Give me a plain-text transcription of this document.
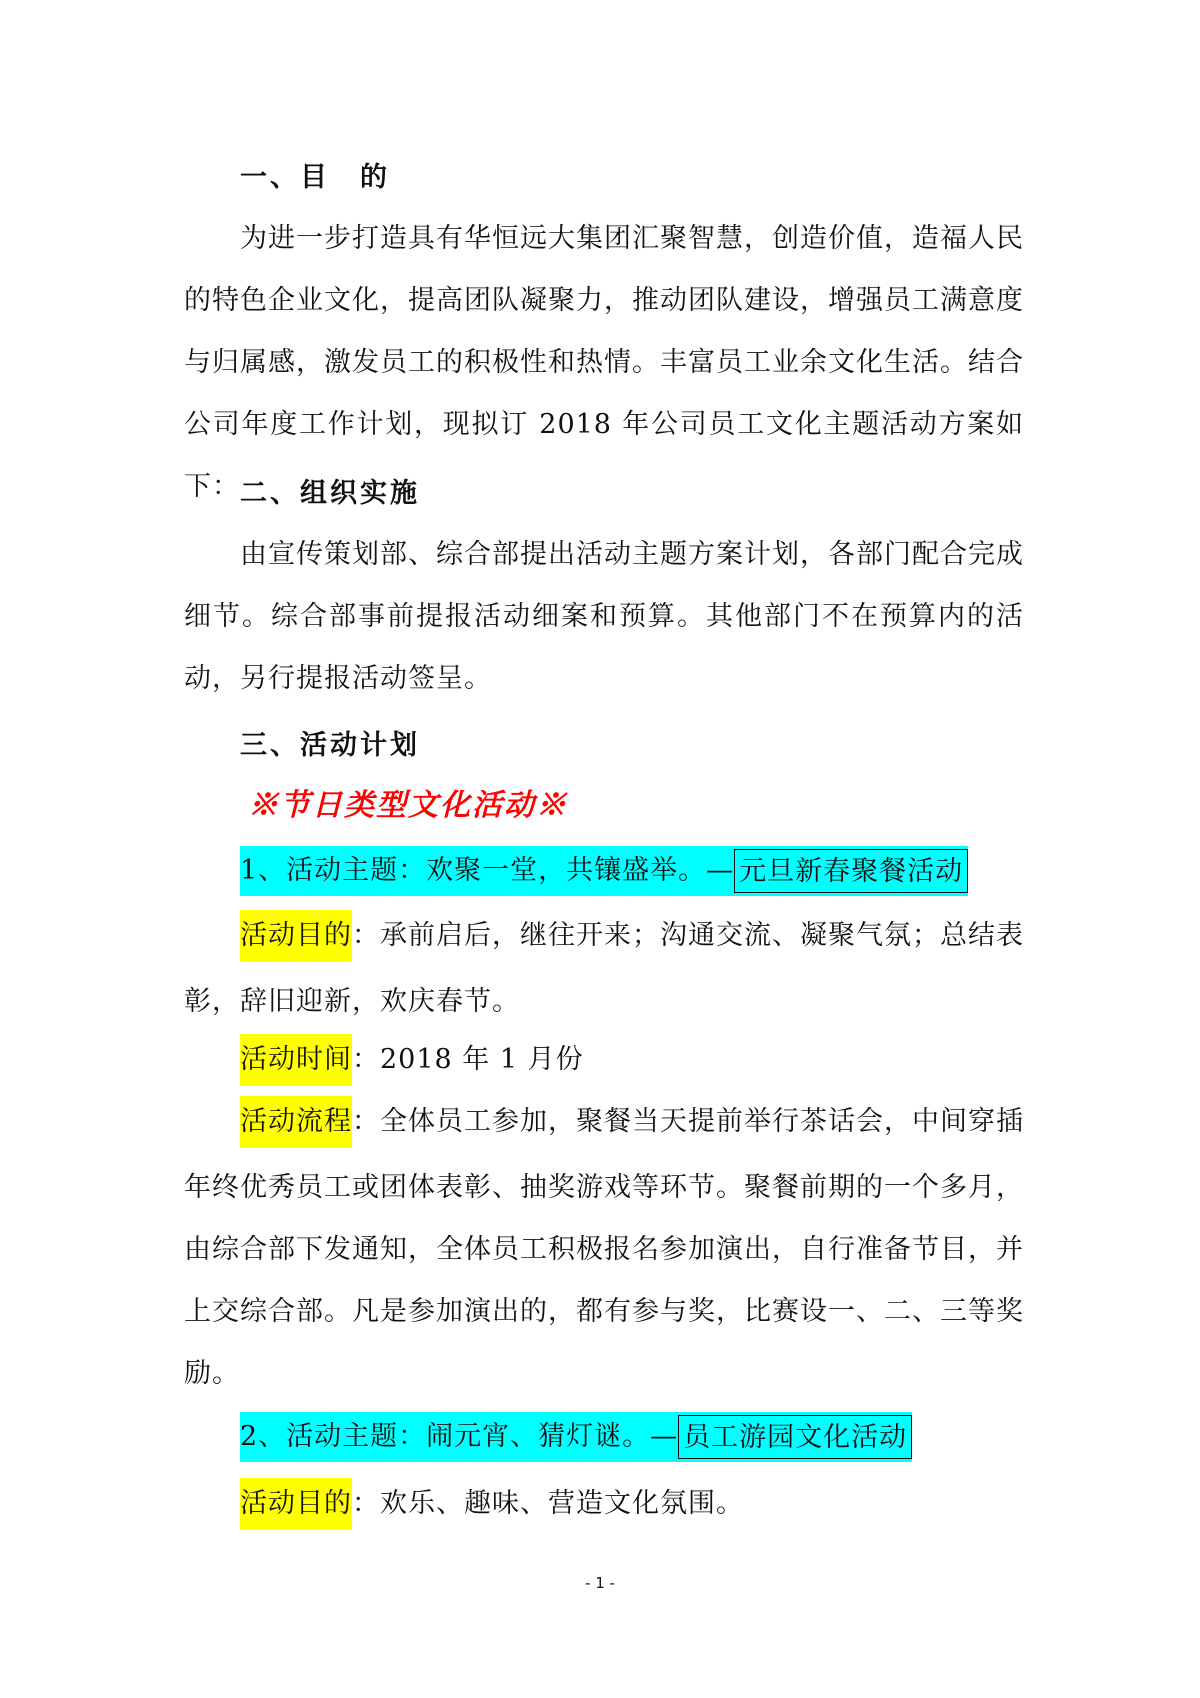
一、目　的
为进一步打造具有华恒远大集团汇聚智慧，创造价值，造福人民的特色企业文化，提高团队凝聚力，推动团队建设，增强员工满意度与归属感，激发员工的积极性和热情。丰富员工业余文化生活。结合公司年度工作计划，现拟订 2018 年公司员工文化主题活动方案如下： 二、组织实施
由宣传策划部、综合部提出活动主题方案计划，各部门配合完成细节。综合部事前提报活动细案和预算。其他部门不在预算内的活动，另行提报活动签呈。
三、活动计划
※节日类型文化活动※
1、活动主题：欢聚一堂，共镶盛举。— 元旦新春聚餐活动
活动目的：承前启后，继往开来；沟通交流、凝聚气氛；总结表
彰，辞旧迎新，欢庆春节。
活动时间：2018 年 1 月份
活动流程：全体员工参加，聚餐当天提前举行茶话会，中间穿插
年终优秀员工或团体表彰、抽奖游戏等环节。聚餐前期的一个多月，
由综合部下发通知，全体员工积极报名参加演出，自行准备节目，并
上交综合部。凡是参加演出的，都有参与奖，比赛设一、二、三等奖
励。
2、活动主题：闹元宵、猜灯谜。— 员工游园文化活动
活动目的：欢乐、趣味、营造文化氛围。
- 1 -
